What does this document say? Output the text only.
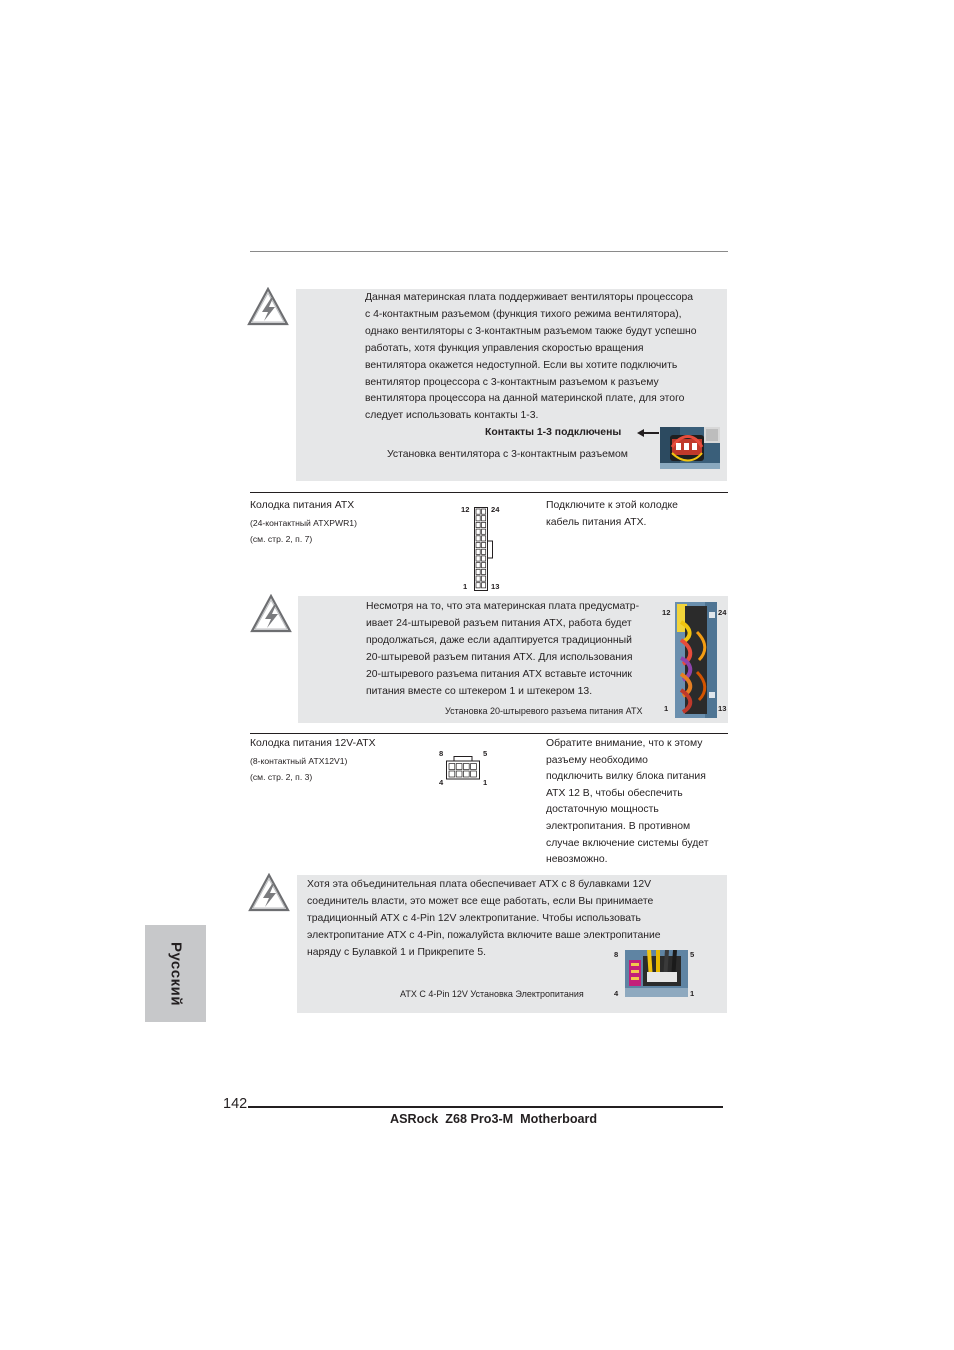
Данная материнская плата поддерживает вентиляторы процессора
с 4-контактным разъемом (функция тихого режима вентилятора),
однако вентиляторы с 3-контактным разъемом также будут успешно
работать, хотя функция управления скоростью вращения
вентилятора окажется недоступной. Если вы хотите подключить
вентилятор процессора с 3-контактным разъемом к разъему
вентилятора процессора на данной материнской плате, для этого
следует использовать контакты 1-3.
Контакты 1-3 подключены
Установка вентилятора с 3-контактным разъемом
Колодка питания ATX
(24-контактный ATXPWR1)
(см. стр. 2, п. 7)
12	24
1	13
Подключите к этой колодке
кабель питания ATX.
Несмотря на то, что эта материнская плата предусматр-
ивает 24-штыревой разъем питания ATX, работа будет
продолжаться, даже если адаптируется традиционный
20-штыревой разъем питания ATX. Для использования
20-штыревого разъема питания ATX вставьте источник
питания вместе со штекером 1 и штекером 13.
Установка 20-штыревого разъема питания ATX
12	24
1	13
Колодка питания 12V-ATX
(8-контактный ATX12V1)
(см. стр. 2, п. 3)
8	5
4	1
Обратите внимание, что к этому
разъему необходимо
подключить вилку блока питания
ATX 12 В, чтобы обеспечить
достаточную мощность
электропитания. В противном
случае включение системы будет
невозможно.
Хотя эта объединительная плата обеспечивает ATX с 8 булавками 12V
соединитель власти, это может все еще работать, если Вы принимаете
традиционный ATX с 4-Pin 12V электропитание. Чтобы использовать
электропитание ATX с 4-Pin, пожалуйста включите ваше электропитание
наряду с Булавкой 1 и Прикрепите 5.
ATX С 4-Pin 12V Установка Электропитания
8	5
4	1
Русский
142
ASRock  Z68 Pro3-M  Motherboard
